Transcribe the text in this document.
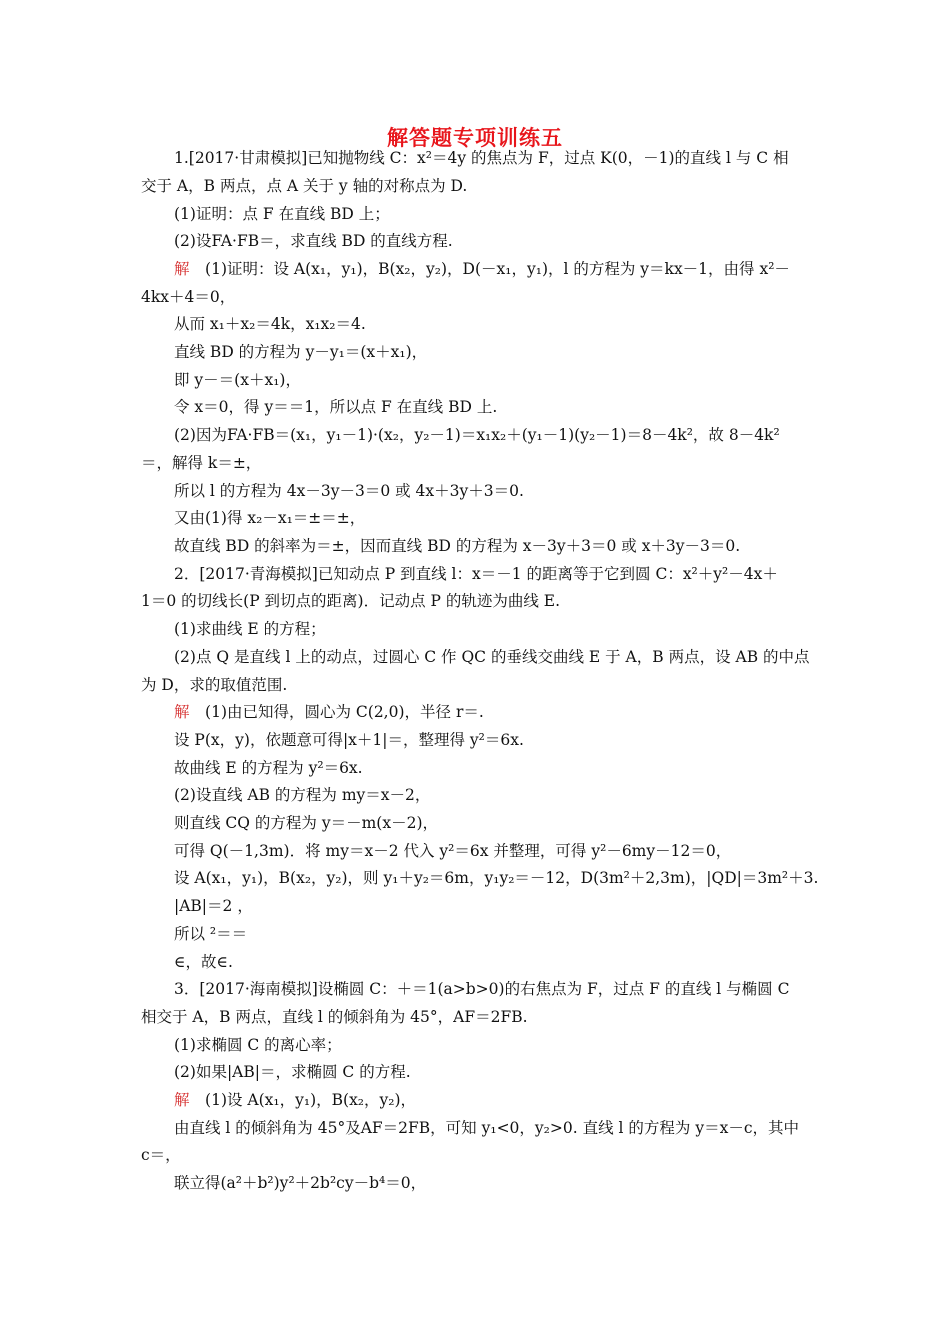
解答题专项训练五
1.[2017·甘肃模拟]已知抛物线 C：x²＝4y 的焦点为 F，过点 K(0，－1)的直线 l 与 C 相
交于 A，B 两点，点 A 关于 y 轴的对称点为 D.
(1)证明：点 F 在直线 BD 上；
(2)设FA·FB＝，求直线 BD 的直线方程.
解　 (1)证明：设 A(x₁，y₁)，B(x₂，y₂)，D(－x₁，y₁)，l 的方程为 y＝kx－1，由得 x²－
4kx＋4＝0，
从而 x₁＋x₂＝4k，x₁x₂＝4.
直线 BD 的方程为 y－y₁＝(x＋x₁)，
即 y－＝(x＋x₁)，
令 x＝0，得 y＝＝1，所以点 F 在直线 BD 上.
(2)因为FA·FB＝(x₁，y₁－1)·(x₂，y₂－1)＝x₁x₂＋(y₁－1)(y₂－1)＝8－4k²，故 8－4k²
＝，解得 k＝±，
所以 l 的方程为 4x－3y－3＝0 或 4x＋3y＋3＝0.
又由(1)得 x₂－x₁＝±＝±，
故直线 BD 的斜率为＝±，因而直线 BD 的方程为 x－3y＋3＝0 或 x＋3y－3＝0.
2．[2017·青海模拟]已知动点 P 到直线 l：x＝－1 的距离等于它到圆 C：x²＋y²－4x＋
1＝0 的切线长(P 到切点的距离)．记动点 P 的轨迹为曲线 E.
(1)求曲线 E 的方程；
(2)点 Q 是直线 l 上的动点，过圆心 C 作 QC 的垂线交曲线 E 于 A，B 两点，设 AB 的中点
为 D，求的取值范围.
解　 (1)由已知得，圆心为 C(2,0)，半径 r＝.
设 P(x，y)，依题意可得|x＋1|＝，整理得 y²＝6x.
故曲线 E 的方程为 y²＝6x.
(2)设直线 AB 的方程为 my＝x－2，
则直线 CQ 的方程为 y＝－m(x－2)，
可得 Q(－1,3m)．将 my＝x－2 代入 y²＝6x 并整理，可得 y²－6my－12＝0，
设 A(x₁，y₁)，B(x₂，y₂)，则 y₁＋y₂＝6m，y₁y₂＝－12，D(3m²＋2,3m)，|QD|＝3m²＋3.
|AB|＝2 ，
所以 ²＝＝
∈，故∈.
3．[2017·海南模拟]设椭圆 C：＋＝1(a>b>0)的右焦点为 F，过点 F 的直线 l 与椭圆 C
相交于 A，B 两点，直线 l 的倾斜角为 45°，AF＝2FB.
(1)求椭圆 C 的离心率；
(2)如果|AB|＝，求椭圆 C 的方程.
解　 (1)设 A(x₁，y₁)，B(x₂，y₂)，
由直线 l 的倾斜角为 45°及AF＝2FB，可知 y₁<0，y₂>0. 直线 l 的方程为 y＝x－c，其中
c＝，
联立得(a²＋b²)y²＋2b²cy－b⁴＝0，
